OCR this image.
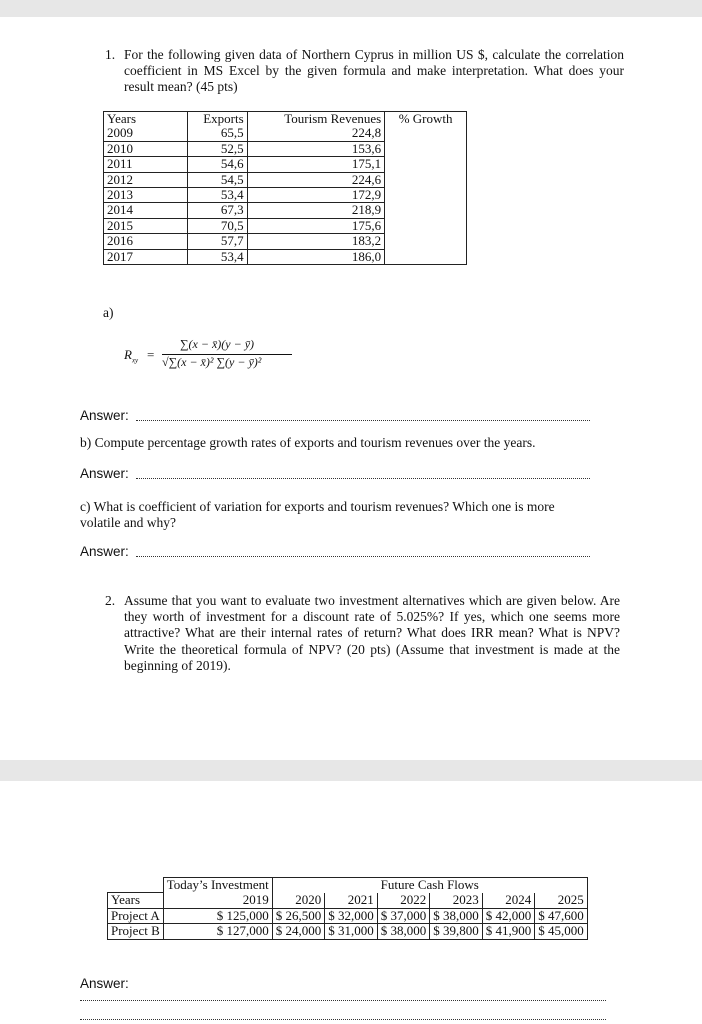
1. For the following given data of Northern Cyprus in million US $, calculate the correlation coefficient in MS Excel by the given formula and make interpretation. What does your result mean? (45 pts)
Years	Exports	Tourism Revenues	% Growth
2009	65,5	224,8	
2010	52,5	153,6	
2011	54,6	175,1	
2012	54,5	224,6	
2013	53,4	172,9	
2014	67,3	218,9	
2015	70,5	175,6	
2016	57,7	183,2	
2017	53,4	186,0	
a)
$R_{xy}$ =
∑(x − x̄)(y − ȳ)
√∑(x − x̄)² ∑(y − ȳ)²
Answer:
b) Compute percentage growth rates of exports and tourism revenues over the years.
Answer:
c) What is coefficient of variation for exports and tourism revenues? Which one is more volatile and why?
Answer:
2. Assume that you want to evaluate two investment alternatives which are given below. Are they worth of investment for a discount rate of 5.025%? If yes, which one seems more attractive? What are their internal rates of return? What does IRR mean? What is NPV? Write the theoretical formula of NPV? (20 pts) (Assume that investment is made at the beginning of 2019).
	Today’s Investment	Future Cash Flows					
Years	2019	2020	2021	2022	2023	2024	2025
Project A	$ 125,000	$ 26,500	$ 32,000	$ 37,000	$ 38,000	$ 42,000	$ 47,600
Project B	$ 127,000	$ 24,000	$ 31,000	$ 38,000	$ 39,800	$ 41,900	$ 45,000
Answer:
